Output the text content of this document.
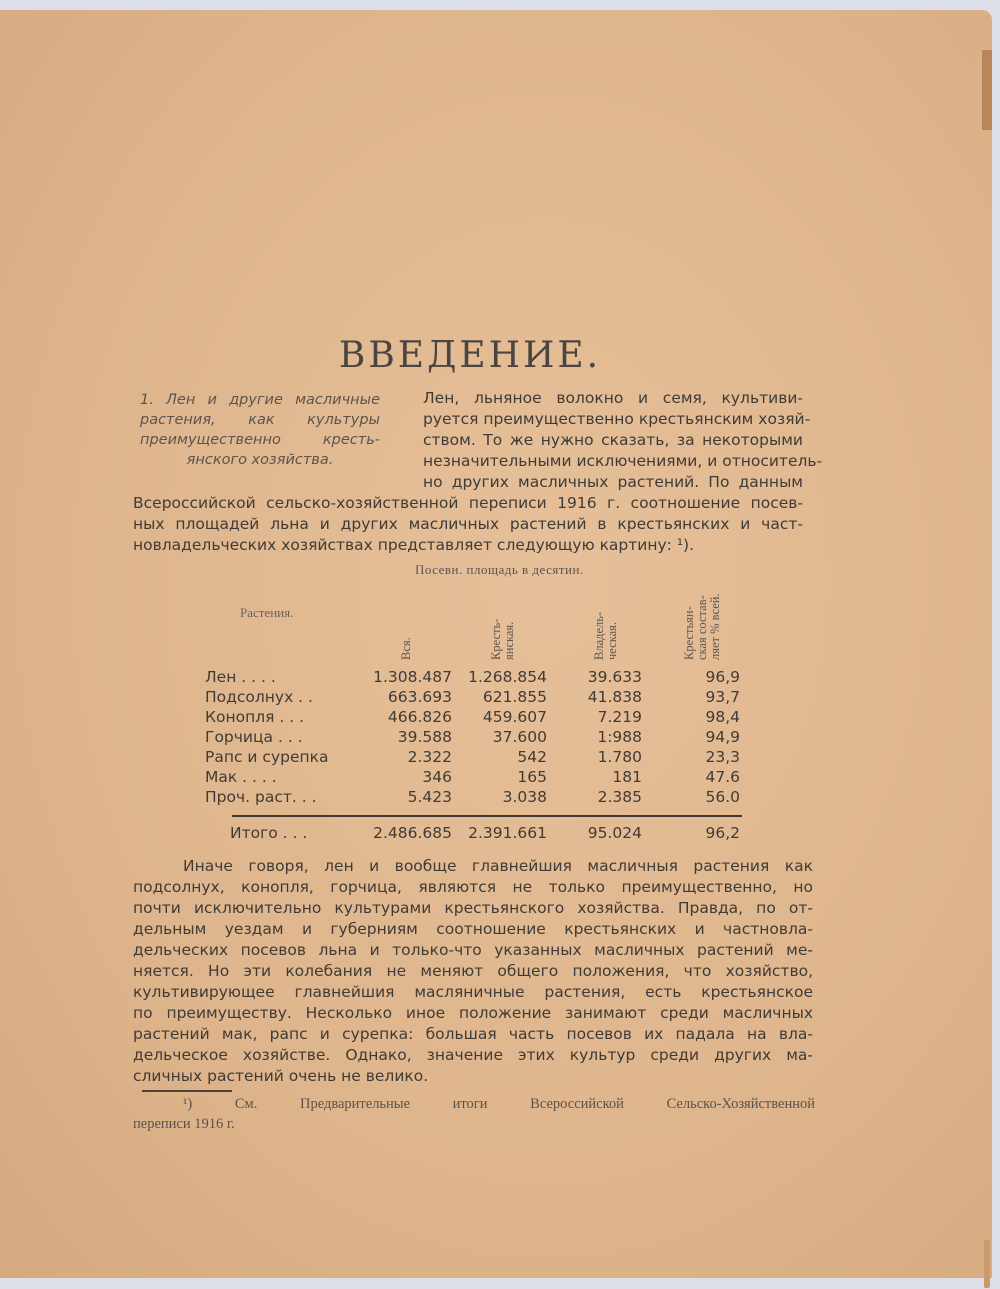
ВВЕДЕНИЕ.
1. Лен и другие масличные
растения, как культуры
преимущественно кресть-
янского хозяйства.
Лен, льняное волокно и семя, культиви-
руется преимущественно крестьянским хозяй-
ством. То же нужно сказать, за некоторыми
незначительными исключениями, и относитель-
но других масличных растений. По данным
Всероссийской сельско-хозяйственной переписи 1916 г. соотношение посев-
ных площадей льна и других масличных растений в крестьянских и част-
новладельческих хозяйствах представляет следующую картину: ¹).
Посевн. площадь в десятин.
Растения.
Вся.	Кресть- янская.	Владель- ческая.	Крестьян- ская состав- ляет % всей.
Лен . . . .	1.308.487 1.268.854	39.633	96,9
Подсолнух . .	663.693 621.855	41.838	93,7
Конопля . . .	466.826 459.607	7.219	98,4
Горчица . . .	39.588	37.600	1:988	94,9
Рапс и сурепка	2.322	542	1.780	23,3
Мак . . . .	346	165	181	47.6
Проч. раст. . .	5.423	3.038	2.385	56.0
Итого . . .	2.486.685 2.391.661	95.024	96,2
Иначе говоря, лен и вообще главнейшия масличныя растения как
подсолнух, конопля, горчица, являются не только преимущественно, но
почти исключительно культурами крестьянского хозяйства. Правда, по от-
дельным уездам и губерниям соотношение крестьянских и частновла-
дельческих посевов льна и только-что указанных масличных растений ме-
няется. Но эти колебания не меняют общего положения, что хозяйство,
культивирующее главнейшия масляничные растения, есть крестьянское
по преимуществу. Несколько иное положение занимают среди масличных
растений мак, рапс и сурепка: большая часть посевов их падала на вла-
дельческое хозяйстве. Однако, значение этих культур среди других ма-
сличных растений очень не велико.
¹) См. Предварительные итоги Всероссийской Сельско-Хозяйственной
переписи 1916 г.
